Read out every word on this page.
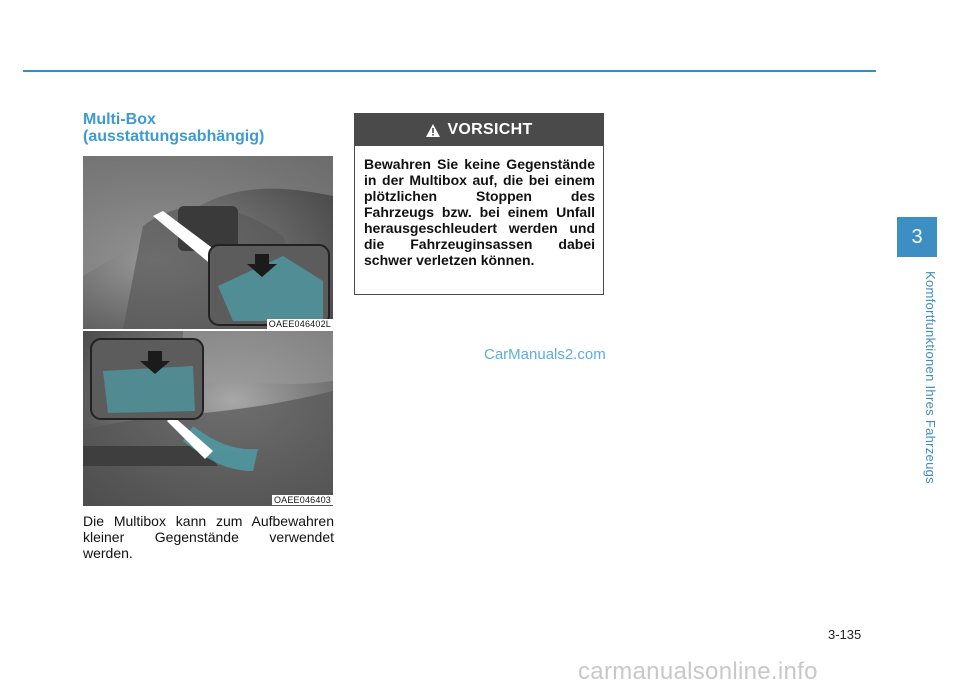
Multi-Box
(ausstattungsabhängig)
OAEE046402L
OAEE046403

Die Multibox kann zum Aufbewahren kleiner Gegenstände verwendet werden.

VORSICHT

Bewahren Sie keine Gegenstände in der Multibox auf, die bei einem plötzlichen Stoppen des Fahrzeugs bzw. bei einem Unfall herausgeschleudert werden und die Fahrzeuginsassen dabei schwer verletzen können.

CarManuals2.com
3
Komfortfunktionen Ihres Fahrzeugs
3-135
carmanualsonline.info
